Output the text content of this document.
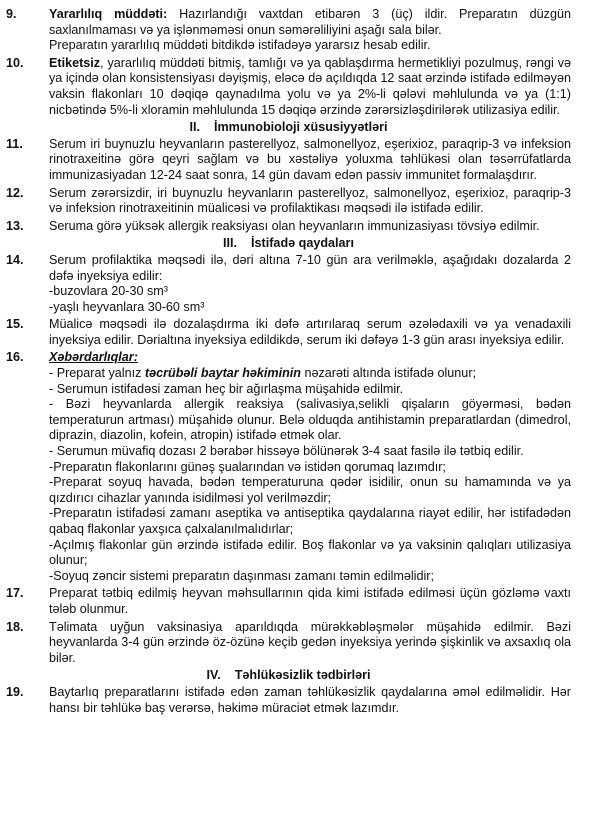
9.	Yararlılıq müddəti: Hazırlandığı vaxtdan etibarən 3 (üç) ildir. Preparatın düzgün saxlanılmaması və ya işlənməməsi onun səmərəliliyini aşağı sala bilər.

Preparatın yararlılıq müddəti bitdikdə istifadəyə yararsız hesab edilir.

10.	Etiketsiz, yararlılıq müddəti bitmiş, tamlığı və ya qablaşdırma hermetikliyi pozulmuş, rəngi və ya içində olan konsistensiyası dəyişmiş, eləcə də açıldıqda 12 saat ərzində istifadə edilməyən vaksin flakonları 10 dəqiqə qaynadılma yolu və ya 2%-li qələvi məhlulunda və ya (1:1) nicbətində 5%-li xloramin məhlulunda 15 dəqiqə ərzində zərərsizləşdirilərək utilizasiya edilir.

II. İmmunobioloji xüsusiyyətləri
11.	Serum iri buynuzlu heyvanların pasterellyoz, salmonellyoz, eşerixioz, paraqrip-3 və infeksion rinotraxeitinə görə qeyri sağlam və bu xəstəliyə yoluxma təhlükəsi olan təsərrüfatlarda immunizasiyadan 12-24 saat sonra, 14 gün davam edən passiv immunitet formalaşdırır.
12.	Serum zərərsizdir, iri buynuzlu heyvanların pasterellyoz, salmonellyoz, eşerixioz, paraqrip-3 və infeksion rinotraxeitinin müalicəsi və profilaktikası məqsədi ilə istifadə edilir.
13.	Seruma görə yüksək allergik reaksiyası olan heyvanların immunizasiyası tövsiyə edilmir.
III. İstifadə qaydaları
14.	Serum profilaktika məqsədi ilə, dəri altına 7-10 gün ara verilməklə, aşağıdakı dozalarda 2 dəfə inyeksiya edilir:

-buzovlara 20-30 sm³

-yaşlı heyvanlara 30-60 sm³

15.	Müalicə məqsədi ilə dozalaşdırma iki dəfə artırılaraq serum əzələdaxili və ya venadaxili inyeksiya edilir. Dərialtına inyeksiya edildikdə, serum iki dəfəyə 1-3 gün arası inyeksiya edilir.
16.	Xəbərdarlıqlar:

- Preparat yalnız təcrübəli baytar həkiminin nəzarəti altında istifadə olunur;

- Serumun istifadəsi zaman heç bir ağırlaşma müşahidə edilmir.

- Bəzi heyvanlarda allergik reaksiya (salivasiya,selikli qişaların göyərməsi, bədən temperaturun artması) müşahidə olunur. Belə olduqda antihistamin preparatlardan (dimedrol, diprazin, diazolin, kofein, atropin) istifadə etmək olar.

- Serumun müvafiq dozası 2 bərabər hissəyə bölünərək 3-4 saat fasilə ilə tətbiq edilir.

-Preparatın flakonlarını günəş şualarından və istidən qorumaq lazımdır;

-Preparat soyuq havada, bədən temperaturuna qədər isidilir, onun su hamamında və ya qızdırıcı cihazlar yanında isidilməsi yol verilməzdir;

-Preparatın istifadəsi zamanı aseptika və antiseptika qaydalarına riayət edilir, hər istifadədən qabaq flakonlar yaxşıca çalxalanılmalıdırlar;

-Açılmış flakonlar gün ərzində istifadə edilir. Boş flakonlar və ya vaksinin qalıqları utilizasiya olunur;

-Soyuq zəncir sistemi preparatın daşınması zamanı təmin edilməlidir;

17.	Preparat tətbiq edilmiş heyvan məhsullarının qida kimi istifadə edilməsi üçün gözləmə vaxtı tələb olunmur.
18.	Təlimata uyğun vaksinasiya aparıldıqda mürəkkəbləşmələr müşahidə edilmir. Bəzi heyvanlarda 3-4 gün ərzində öz-özünə keçib gedən inyeksiya yerində şişkinlik və axsaxlıq ola bilər.
IV. Təhlükəsizlik tədbirləri
19.	Baytarlıq preparatlarını istifadə edən zaman təhlükəsizlik qaydalarına əməl edilməlidir. Hər hansı bir təhlükə baş verərsə, həkimə müraciət etmək lazımdır.
